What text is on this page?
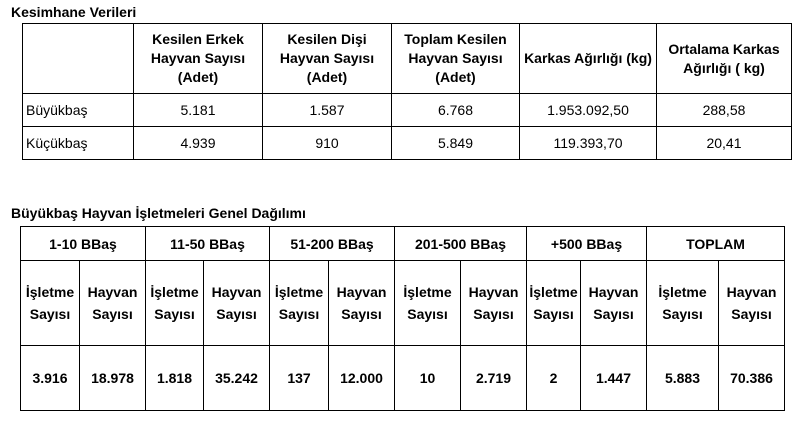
Kesimhane Verileri
	Kesilen Erkek Hayvan Sayısı (Adet)	Kesilen Dişi Hayvan Sayısı (Adet)	Toplam Kesilen Hayvan Sayısı (Adet)	Karkas Ağırlığı (kg)	Ortalama Karkas Ağırlığı ( kg)
Büyükbaş	5.181	1.587	6.768	1.953.092,50	288,58
Küçükbaş	4.939	910	5.849	119.393,70	20,41
Büyükbaş Hayvan İşletmeleri Genel Dağılımı
1-10 BBaş		11-50 BBaş		51-200 BBaş		201-500 BBaş		+500 BBaş		TOPLAM	
İşletme Sayısı	Hayvan Sayısı	İşletme Sayısı	Hayvan Sayısı	İşletme Sayısı	Hayvan Sayısı	İşletme Sayısı	Hayvan Sayısı	İşletme Sayısı	Hayvan Sayısı	İşletme Sayısı	Hayvan Sayısı
3.916	18.978	1.818	35.242	137	12.000	10	2.719	2	1.447	5.883	70.386
